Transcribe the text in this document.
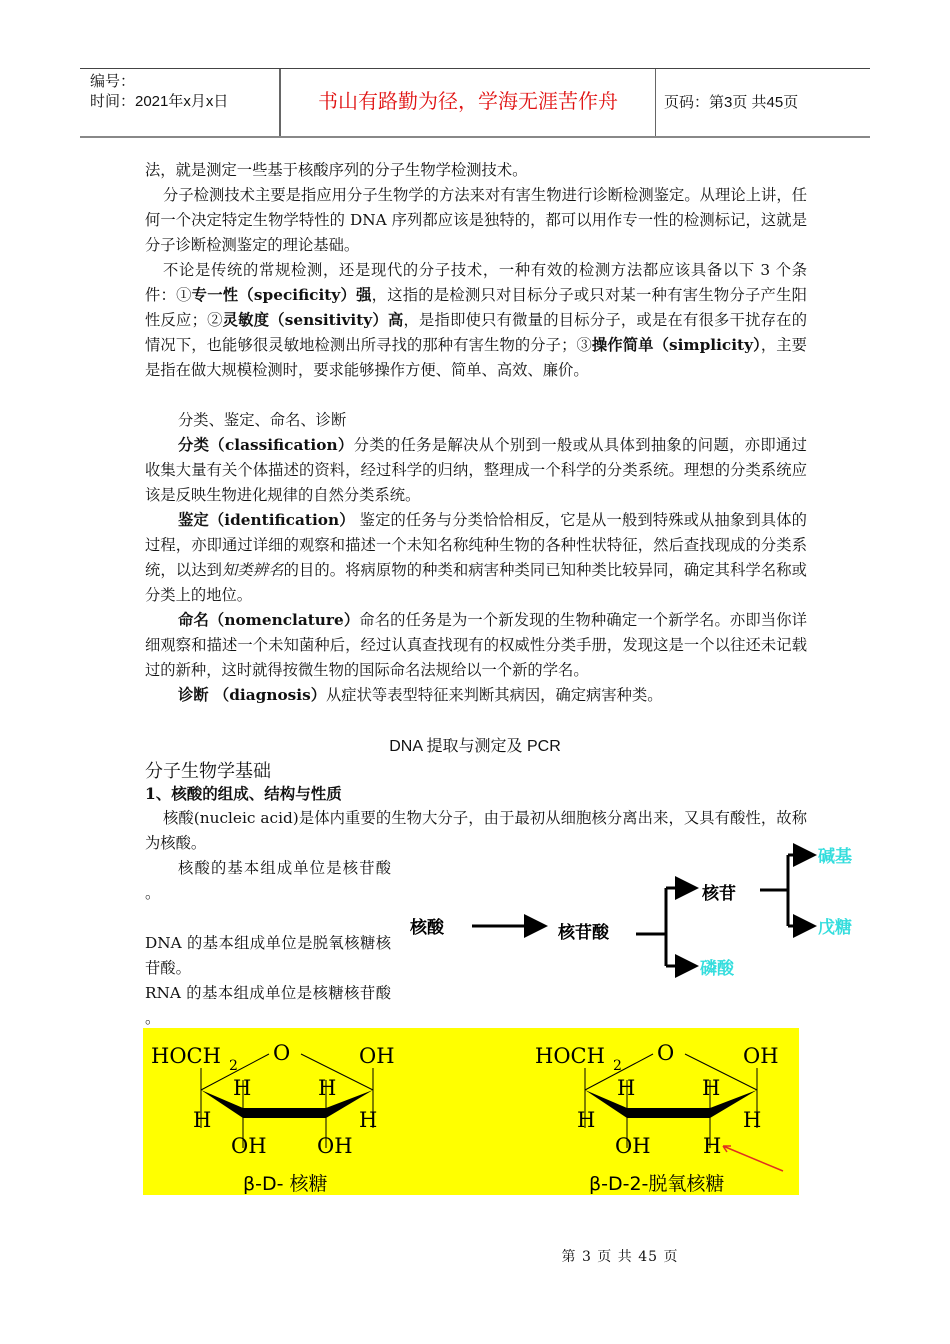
编号：
时间：2021年x月x日	书山有路勤为径，学海无涯苦作舟	页码：第3页 共45页

法，就是测定一些基于核酸序列的分子生物学检测技术。

分子检测技术主要是指应用分子生物学的方法来对有害生物进行诊断检测鉴定。从理论上讲，任何一个决定特定生物学特性的 DNA 序列都应该是独特的，都可以用作专一性的检测标记，这就是分子诊断检测鉴定的理论基础。

不论是传统的常规检测，还是现代的分子技术，一种有效的检测方法都应该具备以下 3 个条件：①专一性（specificity）强，这指的是检测只对目标分子或只对某一种有害生物分子产生阳性反应；②灵敏度（sensitivity）高，是指即使只有微量的目标分子，或是在有很多干扰存在的情况下，也能够很灵敏地检测出所寻找的那种有害生物的分子；③操作简单（simplicity），主要是指在做大规模检测时，要求能够操作方便、简单、高效、廉价。

分类、鉴定、命名、诊断

分类（classification）分类的任务是解决从个别到一般或从具体到抽象的问题，亦即通过收集大量有关个体描述的资料，经过科学的归纳，整理成一个科学的分类系统。理想的分类系统应该是反映生物进化规律的自然分类系统。

鉴定（identification） 鉴定的任务与分类恰恰相反，它是从一般到特殊或从抽象到具体的过程，亦即通过详细的观察和描述一个未知名称纯种生物的各种性状特征，然后查找现成的分类系统，以达到知类辨名的目的。将病原物的种类和病害种类同已知种类比较异同，确定其科学名称或分类上的地位。

命名（nomenclature）命名的任务是为一个新发现的生物种确定一个新学名。亦即当你详细观察和描述一个未知菌种后，经过认真查找现有的权威性分类手册，发现这是一个以往还未记载过的新种，这时就得按微生物的国际命名法规给以一个新的学名。

诊断 （diagnosis）从症状等表型特征来判断其病因，确定病害种类。

DNA 提取与测定及 PCR
分子生物学基础
1、核酸的组成、结构与性质
核酸(nucleic acid)是体内重要的生物大分子，由于最初从细胞核分离出来，又具有酸性，故称为核酸。

核酸的基本组成单位是核苷酸 。

DNA 的基本组成单位是脱氧核糖核苷酸。

RNA 的基本组成单位是核糖核苷酸 。

核酸	核苷酸
核苷
磷酸
碱基
戊糖
HOCH 2
O	OH
H	H
H	H
OH OH
β-D- 核糖
HOCH 2
O	OH
H	H
H	H
OH H
β-D-2-脱氧核糖
第 3 页 共 45 页
